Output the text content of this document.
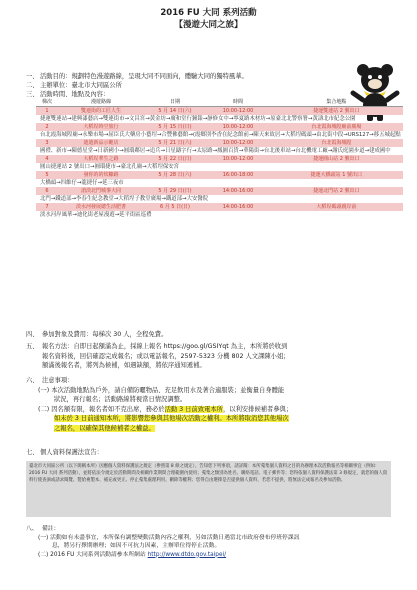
2016 FU 大同 系列活動
【漫遊大同之旅】
一、活動目的：規劃特色漫遊路線，呈現大同不同面向，體驗大同的獨特風華。
二、主辦單位：臺北市大同區公所
三、活動時間、地點及內容：
梯次	漫遊路線	日期	時間	集合地點
1	雙連街的工匠人生	5 月 14 日(六)	10:00-12:00	捷運雙連站 2 號出口
捷運雙連站→建興漆藝店→雙連街市→文昌宮→黃金坊→廣和堂行鐘錶→靜修女中→寧夏路木材坊→原臺北北警察署→黃濤北市紀念公園				
2	大稻埕時空旅行	5 月 15 日(日)	10:00-12:00	台北霞海城隍廟前廣場
台北霞海城隍廟→永樂市場→屈臣氏大藥房小藝埕→合豐佛藝館→(霞鄉別李香在紀念館前→陳天來故居→大稻埕碼頭→由北街中段→URS127→移五城起點				
3	迪迪新品示範店	5 月 21 日(六)	10:00-12:00	台北霞海城隍
國禮、新市→陳德星堂→日新國小→圓環鄰居→追兵→日星鑄字行→太原路→鳳圖百貨→華陽街→台北後車站→台北機電工廠→謝氏庭園步道→建成國中				
4	大稻埕華生之路	5 月 22 日(日)	10:00-12:00	捷運圓山站 2 號出口
圓山捷運站 2 號出口→圓環捷市→臺北孔廟→大稻埕保安宮				
5	發你的的炊糠路	5 月 28 日(六)	16:00-18:00	捷運大橋頭站 1 號出口
大橋頭→四維仔→龍捷仔→延三夜市				
6	滄淡北門城事大同	5 月 29 日(日)	14:00-16:00	捷運北門站 2 號出口
北門→鐵道部→李春生紀念教堂→大稻埕子教堂廣場→鐵道部→大安醫院				
7	淡水河發展總生活肥書	6 月 5 日(日)	14:00-16:00	大稻埕碼頭親岸前
淡水河岸風華→迪化街老屋漫遊→延平街區巡禮				
四、 參加對象及費用：每梯次 30 人，全程免費。
五、 報名方法：自即日起額滿為止，採線上報名 https://goo.gl/GSIYqt 為主，本所將於收到
報名資料後，回信確認完成報名；或以電話報名，2597-5323 分機 802 人文課陳小姐；
額滿後報名者，將列為候補，如遇缺額，將依序通知遞補。
六、 注意事項：
(一) 本次活動地點為戶外，請自備防曬物品、充足飲用水及著合適服裝；並衡量自身體能
狀況，再行報名；活動路線將視當日情況調整。
(二) 因名額有限，報名者如不克出席，務必於活動 3 日前致電本所，以利安排候補者參與；
如未於 3 日前通知本所，將影響您參與其他場次活動之權利。本所將取消您其他場次
之報名，以確保其他候補者之權益。
七、個人資料保護法宣告：
臺北市大同區公所（以下簡稱本所）因應個人資料保護法之規定（參照第 8 條之規定），告知您下列事項，請詳閱：本所蒐集個人資料之目的為辦理本次活動報名等相關事宜（例如：2016 FU 大同 系列活動），並將依法令規定於活動期間及相關作業期間合理範圍內使用；蒐集之類別為姓名、聯絡電話、電子郵件等；您得依個人資料保護法第 3 條規定，就您的個人資料行使查詢或請求閱覽、製給複製本、補充或更正、停止蒐集處理利用、刪除等權利；您得自由選擇是否提供個人資料，若您不提供，將無法完成報名及參加活動。
八、 備註：
(一) 活動如有未盡事宜，本所保有調整變動活動內容之權利，另如活動日遇當北市政府發布停班停課訊
息，將另行擇期辦理；如因不可抗力因素，主辦單位得停止活動。
(二) 2016 FU 大同系列活動請參本所網站 http://www.dtdo.gov.taipei/
